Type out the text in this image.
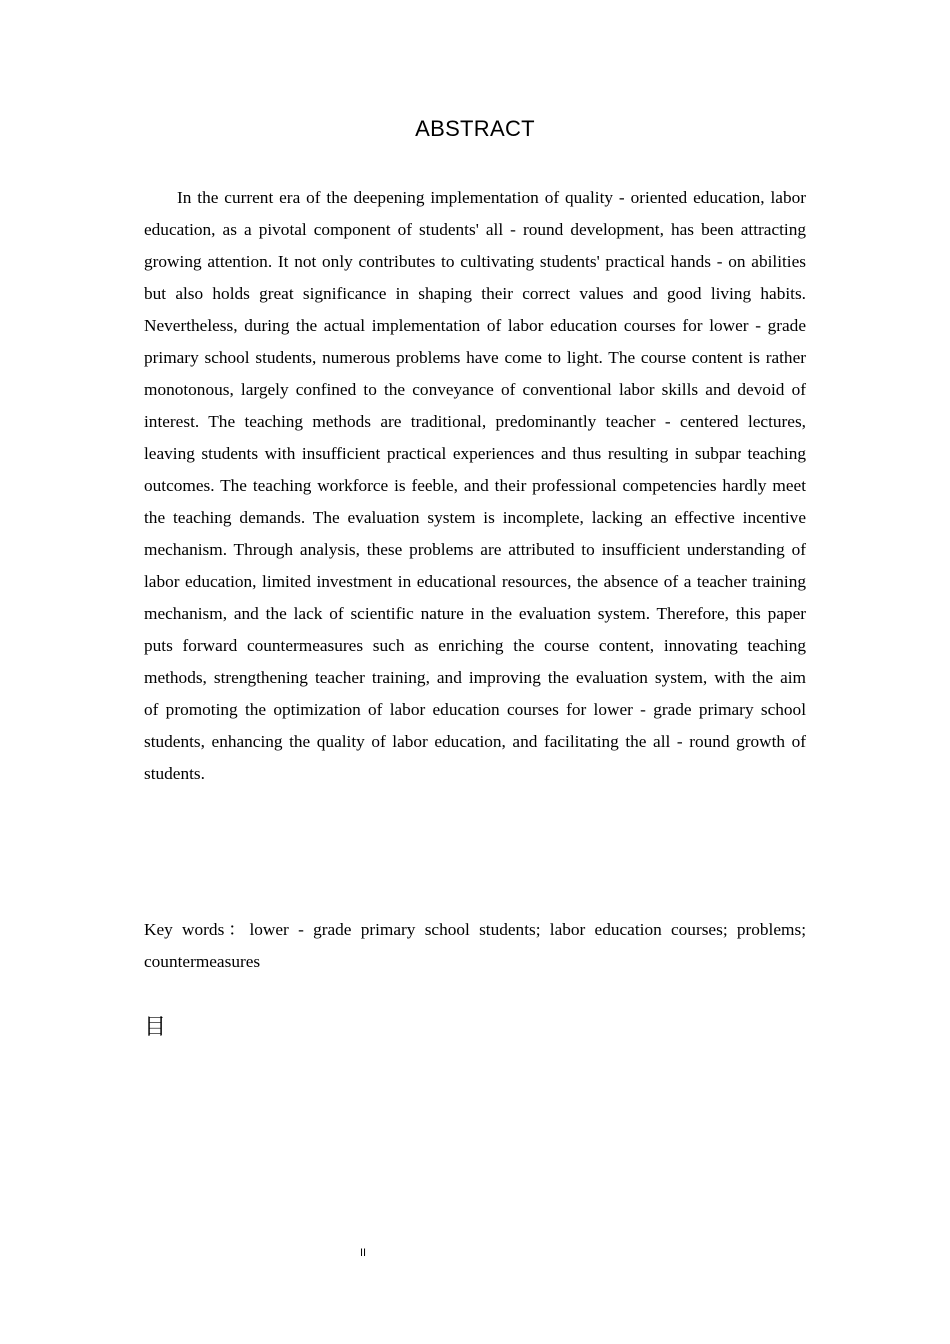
ABSTRACT

In the current era of the deepening implementation of quality - oriented education, labor education, as a pivotal component of students' all - round development, has been attracting growing attention. It not only contributes to cultivating students' practical hands - on abilities but also holds great significance in shaping their correct values and good living habits. Nevertheless, during the actual implementation of labor education courses for lower - grade primary school students, numerous problems have come to light. The course content is rather monotonous, largely confined to the conveyance of conventional labor skills and devoid of interest. The teaching methods are traditional, predominantly teacher - centered lectures, leaving students with insufficient practical experiences and thus resulting in subpar teaching outcomes. The teaching workforce is feeble, and their professional competencies hardly meet the teaching demands. The evaluation system is incomplete, lacking an effective incentive mechanism. Through analysis, these problems are attributed to insufficient understanding of labor education, limited investment in educational resources, the absence of a teacher training mechanism, and the lack of scientific nature in the evaluation system. Therefore, this paper puts forward countermeasures such as enriching the course content, innovating teaching methods, strengthening teacher training, and improving the evaluation system, with the aim of promoting the optimization of labor education courses for lower - grade primary school students, enhancing the quality of labor education, and facilitating the all - round growth of students.

Key words：lower - grade primary school students; labor education courses; problems; countermeasures

目
II
